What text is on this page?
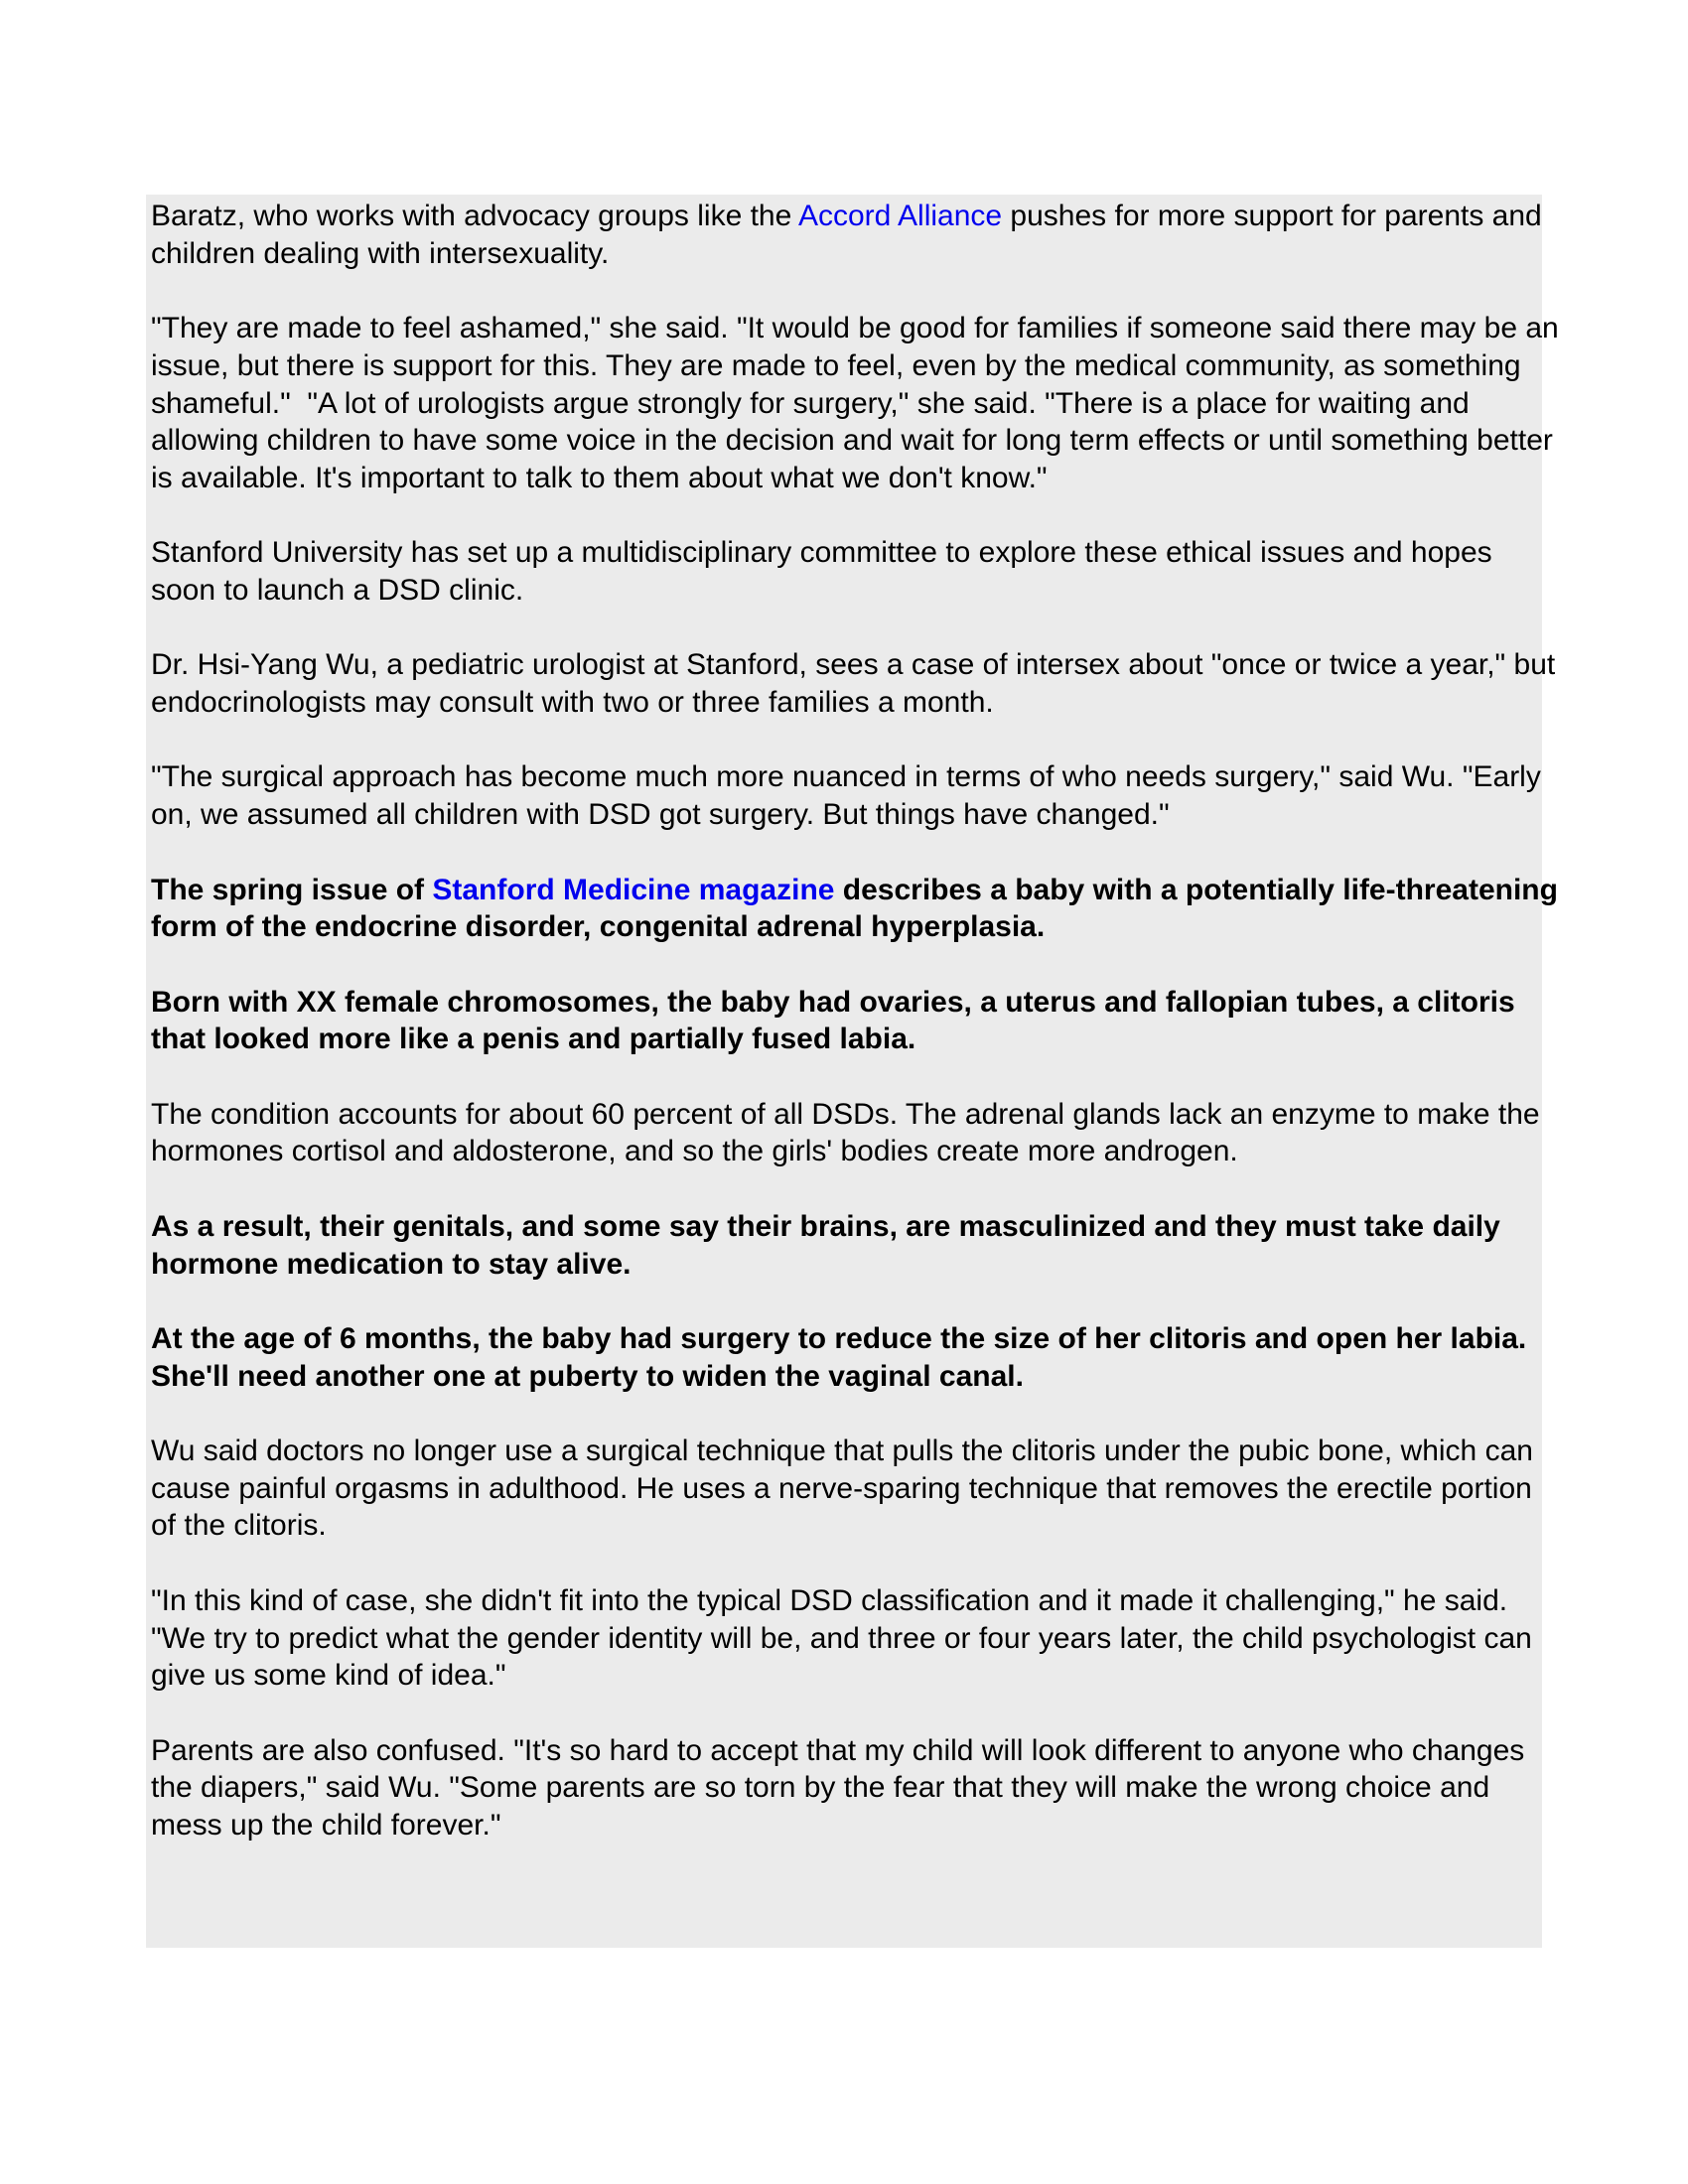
Baratz, who works with advocacy groups like the Accord Alliance pushes for more support for parents and children dealing with intersexuality.

"They are made to feel ashamed," she said. "It would be good for families if someone said there may be an issue, but there is support for this. They are made to feel, even by the medical community, as something shameful."  "A lot of urologists argue strongly for surgery," she said. "There is a place for waiting and allowing children to have some voice in the decision and wait for long term effects or until something better is available. It's important to talk to them about what we don't know."

Stanford University has set up a multidisciplinary committee to explore these ethical issues and hopes soon to launch a DSD clinic.

Dr. Hsi-Yang Wu, a pediatric urologist at Stanford, sees a case of intersex about "once or twice a year," but endocrinologists may consult with two or three families a month.

"The surgical approach has become much more nuanced in terms of who needs surgery," said Wu. "Early on, we assumed all children with DSD got surgery. But things have changed."

The spring issue of Stanford Medicine magazine describes a baby with a potentially life-threatening form of the endocrine disorder, congenital adrenal hyperplasia.

Born with XX female chromosomes, the baby had ovaries, a uterus and fallopian tubes, a clitoris that looked more like a penis and partially fused labia.

The condition accounts for about 60 percent of all DSDs. The adrenal glands lack an enzyme to make the hormones cortisol and aldosterone, and so the girls' bodies create more androgen.

As a result, their genitals, and some say their brains, are masculinized and they must take daily hormone medication to stay alive.

At the age of 6 months, the baby had surgery to reduce the size of her clitoris and open her labia. She'll need another one at puberty to widen the vaginal canal.

Wu said doctors no longer use a surgical technique that pulls the clitoris under the pubic bone, which can cause painful orgasms in adulthood. He uses a nerve-sparing technique that removes the erectile portion of the clitoris.

"In this kind of case, she didn't fit into the typical DSD classification and it made it challenging," he said. "We try to predict what the gender identity will be, and three or four years later, the child psychologist can give us some kind of idea."

Parents are also confused. "It's so hard to accept that my child will look different to anyone who changes the diapers," said Wu. "Some parents are so torn by the fear that they will make the wrong choice and mess up the child forever."
